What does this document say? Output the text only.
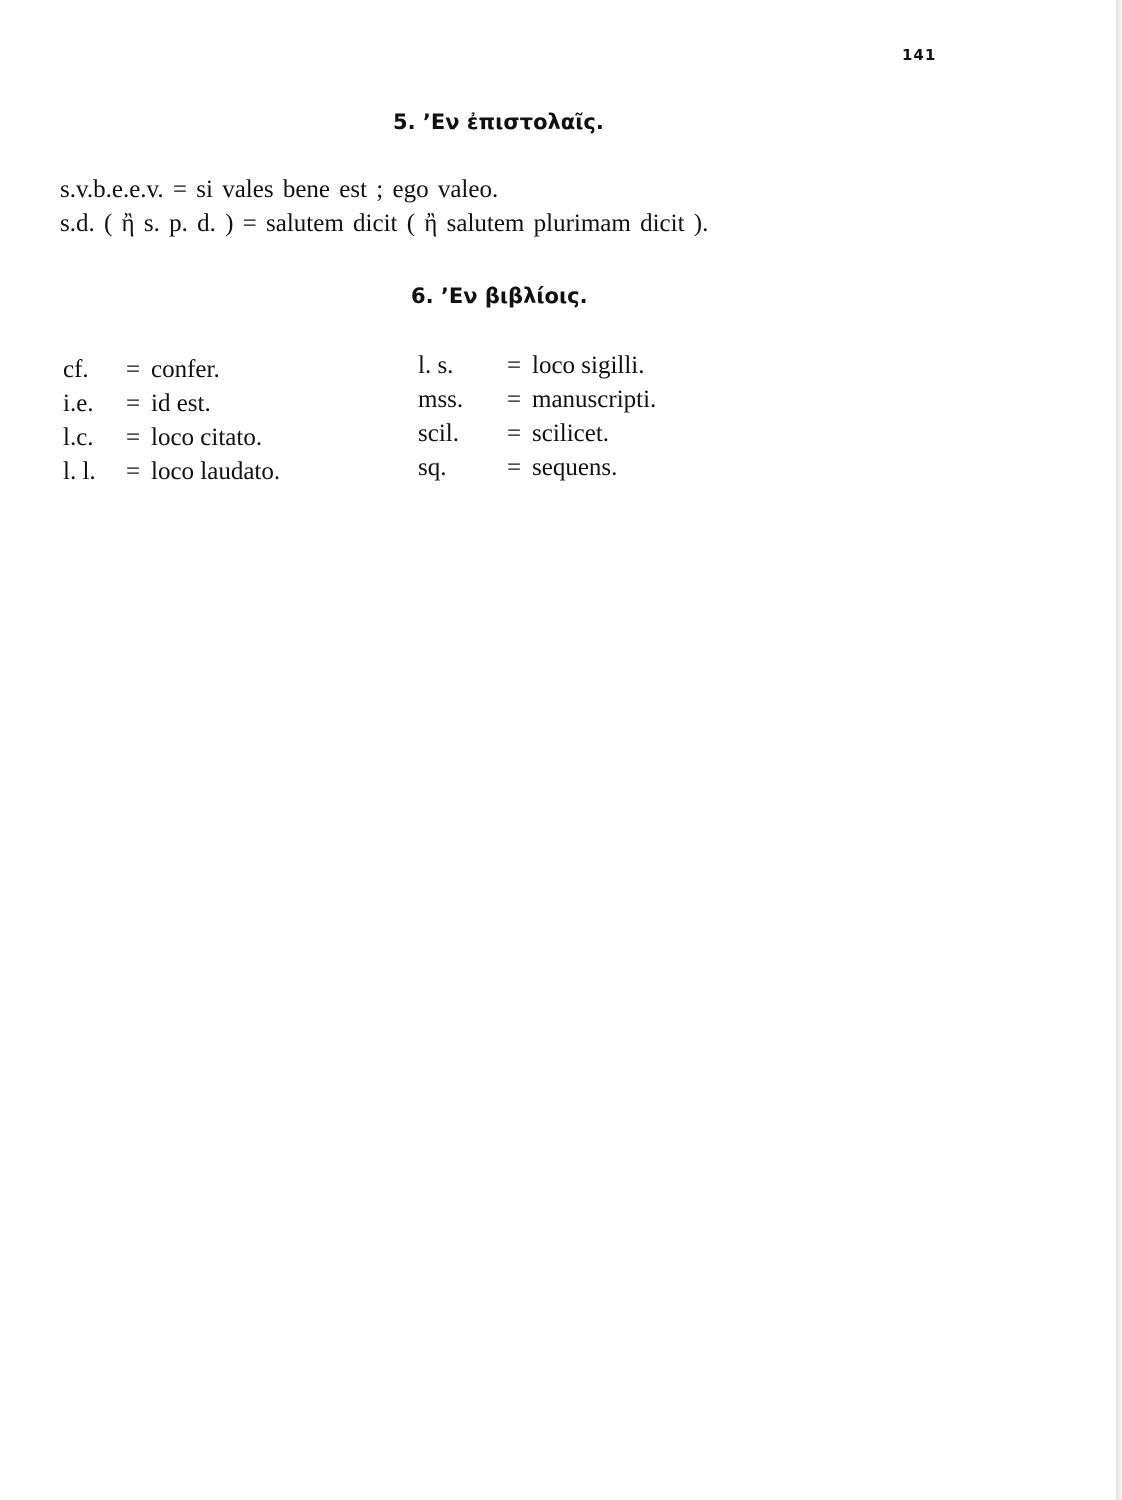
141
5. ’Εν ἐπιστολαῖς.
s.v.b.e.e.v. = si vales bene est ; ego valeo.
s.d. ( ἢ s. p. d. ) = salutem dicit ( ἢ salutem plurimam dicit ).
6. ’Εν βιβλίοις.
cf. = confer.
i.e. = id est.
l.c. = loco citato.
l. l. = loco laudato.
l. s. = loco sigilli.
mss. = manuscripti.
scil. = scilicet.
sq. = sequens.
